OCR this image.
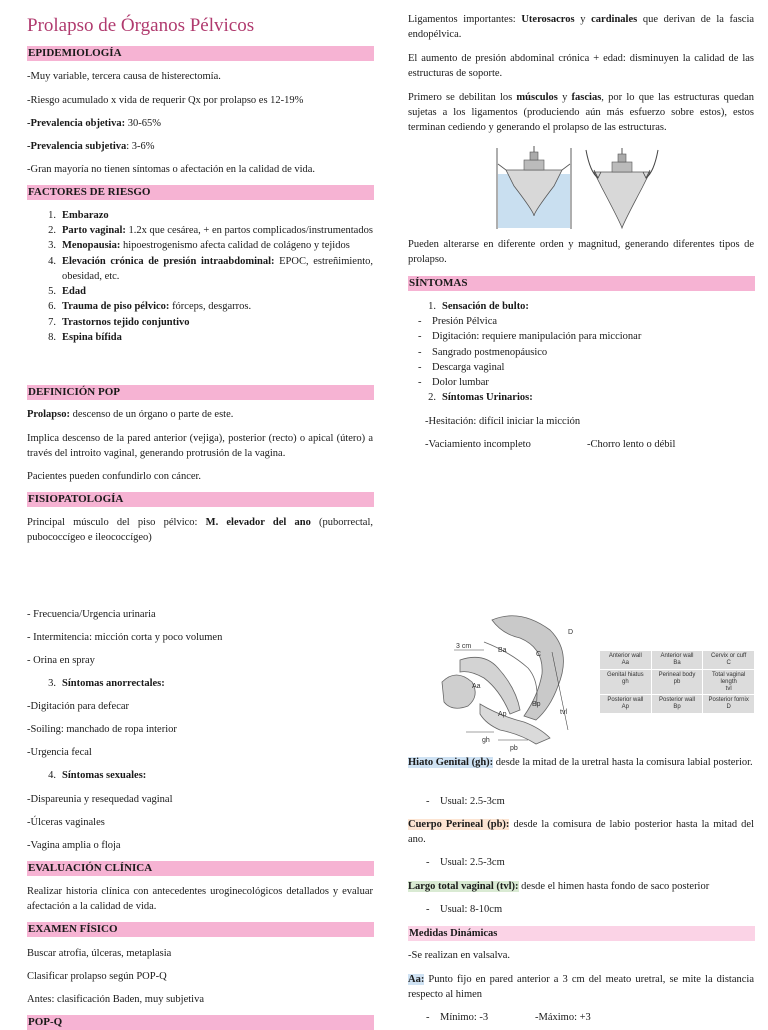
Prolapso de Órganos Pélvicos
EPIDEMIOLOGÍA

-Muy variable, tercera causa de histerectomía.

-Riesgo acumulado x vida de requerir Qx por prolapso es 12-19%

-Prevalencia objetiva: 30-65%

-Prevalencia subjetiva: 3-6%

-Gran mayoría no tienen síntomas o afectación en la calidad de vida.

FACTORES DE RIESGO
1. Embarazo
2. Parto vaginal: 1.2x que cesárea, + en partos complicados/instrumentados
3. Menopausia: hipoestrogenismo afecta calidad de colágeno y tejidos
4. Elevación crónica de presión intraabdominal: EPOC, estreñimiento, obesidad, etc.
5. Edad
6. Trauma de piso pélvico: fórceps, desgarros.
7. Trastornos tejido conjuntivo
8. Espina bífida
DEFINICIÓN POP

Prolapso: descenso de un órgano o parte de este.

Implica descenso de la pared anterior (vejiga), posterior (recto) o apical (útero) a través del introito vaginal, generando protrusión de la vagina.

Pacientes pueden confundirlo con cáncer.

FISIOPATOLOGÍA

Principal músculo del piso pélvico: M. elevador del ano (puborrectal, pubococcígeo e ileococcígeo)

- Frecuencia/Urgencia urinaria

- Intermitencia: micción corta y poco volumen

- Orina en spray

3. Síntomas anorrectales:

-Digitación para defecar

-Soiling: manchado de ropa interior

-Urgencia fecal

4. Síntomas sexuales:

-Dispareunia y resequedad vaginal

-Úlceras vaginales

-Vagina amplia o floja

EVALUACIÓN CLÍNICA

Realizar historia clínica con antecedentes uroginecológicos detallados y evaluar afectación a la calidad de vida.

EXAMEN FÍSICO

Buscar atrofia, úlceras, metaplasia

Clasificar prolapso según POP-Q

Antes: clasificación Baden, muy subjetiva

POP-Q

Ligamentos importantes: Uterosacros y cardinales que derivan de la fascia endopélvica.

El aumento de presión abdominal crónica + edad: disminuyen la calidad de las estructuras de soporte.

Primero se debilitan los músculos y fascias, por lo que las estructuras quedan sujetas a los ligamentos (produciendo aún más esfuerzo sobre estos), estos terminan cediendo y generando el prolapso de las estructuras.

Pueden alterarse en diferente orden y magnitud, generando diferentes tipos de prolapso.

SÍNTOMAS
1. Sensación de bulto:
- Presión Pélvica
- Digitación: requiere manipulación para miccionar
- Sangrado postmenopáusico
- Descarga vaginal
- Dolor lumbar
2. Síntomas Urinarios:

-Hesitación: difícil iniciar la micción

-Vaciamiento incompleto	-Chorro lento o débil

3 cm
Ba
C
D
Aa
Ap
Bp
gh
pb
tvl
Anterior wall
Aa
Anterior wall
Ba
Cervix or cuff
C
Genital hiatus
gh
Perineal body
pb
Total vaginal length
tvl
Posterior wall
Ap
Posterior wall
Bp
Posterior fornix
D

Hiato Genital (gh): desde la mitad de la uretral hasta la comisura labial posterior.

- Usual: 2.5-3cm

Cuerpo Perineal (pb): desde la comisura de labio posterior hasta la mitad del ano.

- Usual: 2.5-3cm

Largo total vaginal (tvl): desde el himen hasta fondo de saco posterior

- Usual: 8-10cm

Medidas Dinámicas

-Se realizan en valsalva.

Aa: Punto fijo en pared anterior a 3 cm del meato uretral, se mite la distancia respecto al himen

- Mínimo: -3	-Máximo: +3
